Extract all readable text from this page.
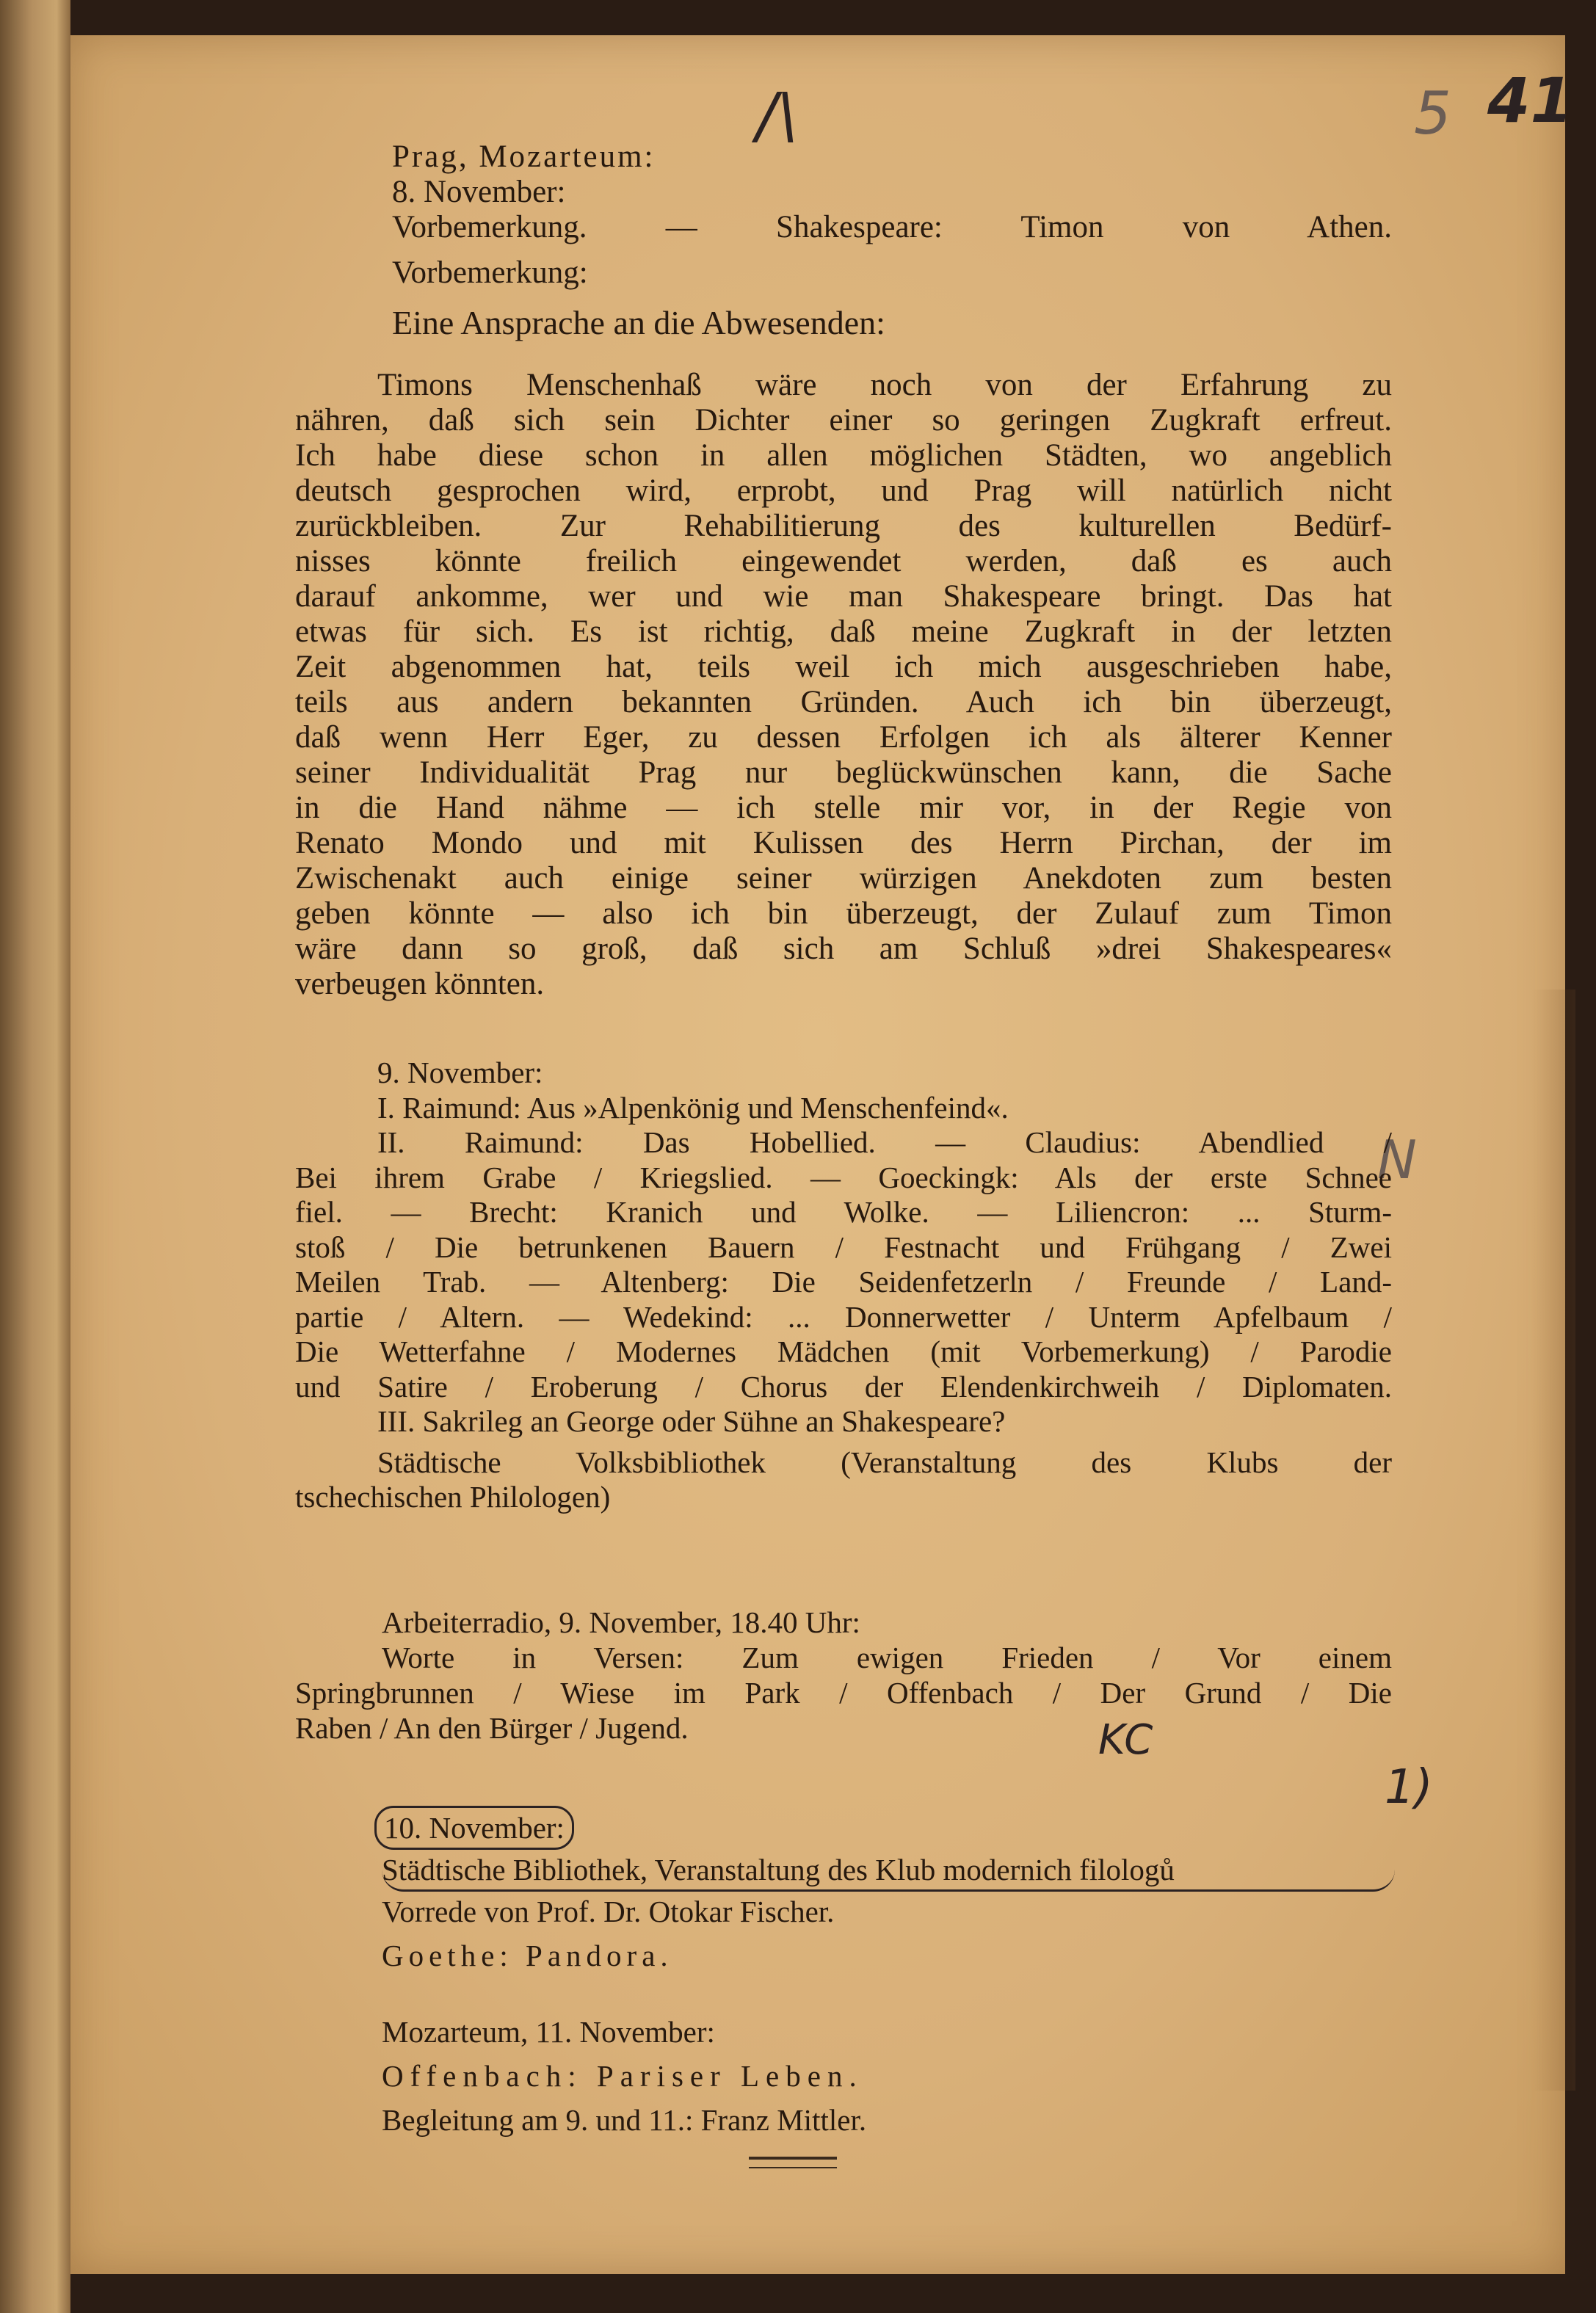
/\	5 41
N
KC
1)
Prag, Mozarteum:
8. November:
Vorbemerkung. — Shakespeare: Timon von Athen.
Vorbemerkung:
Eine Ansprache an die Abwesenden:
Timons Menschenhaß wäre noch von der Erfahrung zu
nähren, daß sich sein Dichter einer so geringen Zugkraft erfreut.
Ich habe diese schon in allen möglichen Städten, wo angeblich
deutsch gesprochen wird, erprobt, und Prag will natürlich nicht
zurückbleiben. Zur Rehabilitierung des kulturellen Bedürf-
nisses könnte freilich eingewendet werden, daß es auch
darauf ankomme, wer und wie man Shakespeare bringt. Das hat
etwas für sich. Es ist richtig, daß meine Zugkraft in der letzten
Zeit abgenommen hat, teils weil ich mich ausgeschrieben habe,
teils aus andern bekannten Gründen. Auch ich bin überzeugt,
daß wenn Herr Eger, zu dessen Erfolgen ich als älterer Kenner
seiner Individualität Prag nur beglückwünschen kann, die Sache
in die Hand nähme — ich stelle mir vor, in der Regie von
Renato Mondo und mit Kulissen des Herrn Pirchan, der im
Zwischenakt auch einige seiner würzigen Anekdoten zum besten
geben könnte — also ich bin überzeugt, der Zulauf zum Timon
wäre dann so groß, daß sich am Schluß »drei Shakespeares«
verbeugen könnten.
9. November:
I. Raimund: Aus »Alpenkönig und Menschenfeind«.
II. Raimund: Das Hobellied. — Claudius: Abendlied /
Bei ihrem Grabe / Kriegslied. — Goeckingk: Als der erste Schnee
fiel. — Brecht: Kranich und Wolke. — Liliencron: ... Sturm-
stoß / Die betrunkenen Bauern / Festnacht und Frühgang / Zwei
Meilen Trab. — Altenberg: Die Seidenfetzerln / Freunde / Land-
partie / Altern. — Wedekind: ... Donnerwetter / Unterm Apfelbaum /
Die Wetterfahne / Modernes Mädchen (mit Vorbemerkung) / Parodie
und Satire / Eroberung / Chorus der Elendenkirchweih / Diplomaten.
III. Sakrileg an George oder Sühne an Shakespeare?
Städtische Volksbibliothek (Veranstaltung des Klubs der
tschechischen Philologen)
Arbeiterradio, 9. November, 18.40 Uhr:
Worte in Versen: Zum ewigen Frieden / Vor einem
Springbrunnen / Wiese im Park / Offenbach / Der Grund / Die
Raben / An den Bürger / Jugend.
10. November:
Städtische Bibliothek, Veranstaltung des Klub modernich filologů
Vorrede von Prof. Dr. Otokar Fischer.
Goethe: Pandora.
Mozarteum, 11. November:
Offenbach: Pariser Leben.
Begleitung am 9. und 11.: Franz Mittler.
